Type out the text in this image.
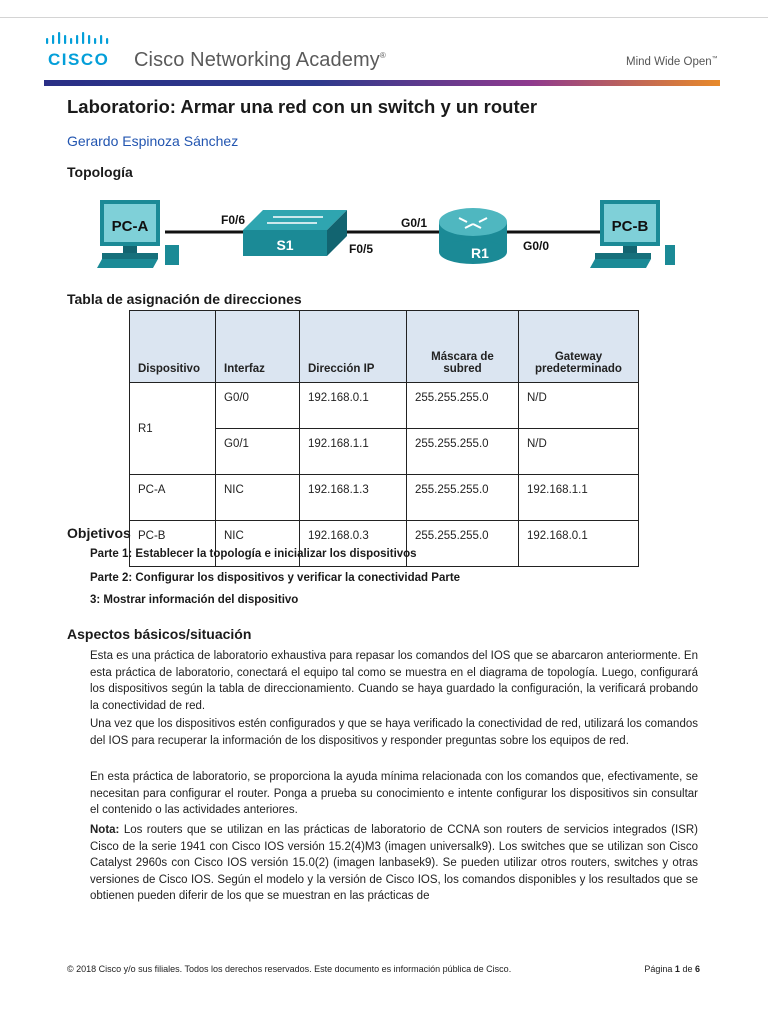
CISCO Cisco Networking Academy®
Mind Wide Open™
Laboratorio: Armar una red con un switch y un router
Gerardo Espinoza Sánchez
Topología
PC-A
S1	R1
PC-B
F0/6
F0/5
G0/1
G0/0
Tabla de asignación de direcciones
Dispositivo	Interfaz	Dirección IP	Máscara de subred	Gateway predeterminado
R1	G0/0	192.168.0.1	255.255.255.0	N/D
	G0/1	192.168.1.1	255.255.255.0	N/D
PC-A	NIC	192.168.1.3	255.255.255.0	192.168.1.1
PC-B	NIC	192.168.0.3	255.255.255.0	192.168.0.1
Objetivos
Parte 1: Establecer la topología e inicializar los dispositivos
Parte 2: Configurar los dispositivos y verificar la conectividad Parte
3: Mostrar información del dispositivo
Aspectos básicos/situación

Esta es una práctica de laboratorio exhaustiva para repasar los comandos del IOS que se abarcaron anteriormente. En esta práctica de laboratorio, conectará el equipo tal como se muestra en el diagrama de topología. Luego, configurará los dispositivos según la tabla de direccionamiento. Cuando se haya guardado la configuración, la verificará probando la conectividad de red.

Una vez que los dispositivos estén configurados y que se haya verificado la conectividad de red, utilizará los comandos del IOS para recuperar la información de los dispositivos y responder preguntas sobre los equipos de red.

En esta práctica de laboratorio, se proporciona la ayuda mínima relacionada con los comandos que, efectivamente, se necesitan para configurar el router. Ponga a prueba su conocimiento e intente configurar los dispositivos sin consultar el contenido o las actividades anteriores.

Nota: Los routers que se utilizan en las prácticas de laboratorio de CCNA son routers de servicios integrados (ISR) Cisco de la serie 1941 con Cisco IOS versión 15.2(4)M3 (imagen universalk9). Los switches que se utilizan son Cisco Catalyst 2960s con Cisco IOS versión 15.0(2) (imagen lanbasek9). Se pueden utilizar otros routers, switches y otras versiones de Cisco IOS. Según el modelo y la versión de Cisco IOS, los comandos disponibles y los resultados que se obtienen pueden diferir de los que se muestran en las prácticas de

© 2018 Cisco y/o sus filiales. Todos los derechos reservados. Este documento es información pública de Cisco.	Página 1 de 6
